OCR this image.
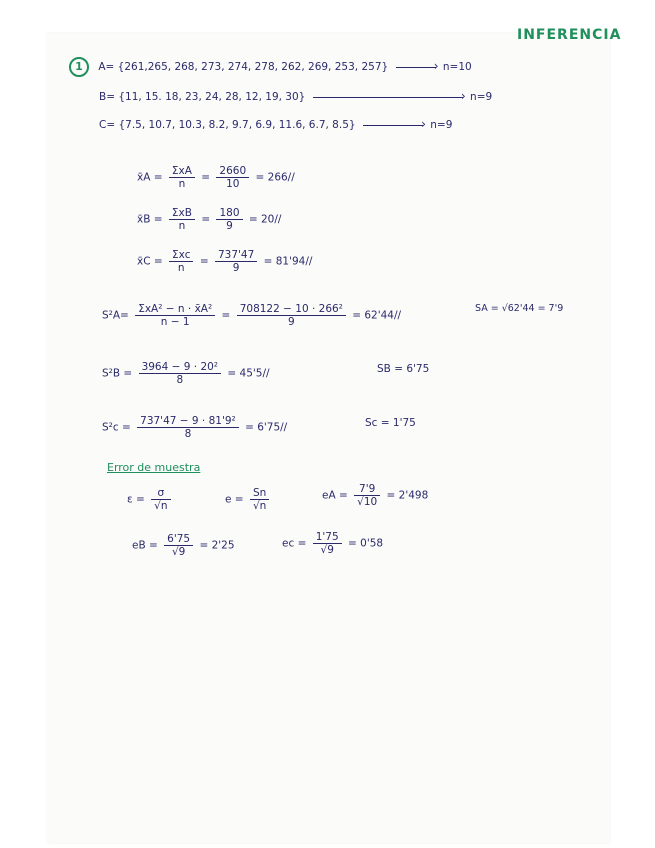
INFERENCIA
1 A= {261,265, 268, 273, 274, 278, 262, 269, 253, 257} ›	n=10
B= {11, 15. 18, 23, 24, 28, 12, 19, 30} ›	n=9
C= {7.5, 10.7, 10.3, 8.2, 9.7, 6.9, 11.6, 6.7, 8.5} ›	n=9
x̄A = $\frac{\text{ΣxA}}{n} = \frac{2660}{10} = 266//$
x̄B = $\frac{\text{ΣxB}}{n} = \frac{180}{9} = 20//$
x̄C = $\frac{\text{Σxc}}{n} = \frac{737'47}{9} = 81'94//$
$S^2A= \frac{\text{ΣxA² − n · x̄A²}}{n - 1} = \frac{\text{708122 − 10 · 266²}}{9} = 62'44//$
SA = √62'44 = 7'9
$S^2B = \frac{\text{3964 − 9 · 20²}}{8} = 45'5//$	SB = 6'75
$S^2c = \frac{\text{737'47 − 9 · 81'9²}}{8} = 6'75//$	Sc = 1'75
Error de muestra
$\varepsilon = \frac{\sigma}{√n}$	$e = \frac{Sn}{√n}$	eA = $\frac{7'9}{√10} = 2'498$
eB = $\frac{6'75}{√9} = 2'25$	ec = $\frac{1'75}{√9} = 0'58$
